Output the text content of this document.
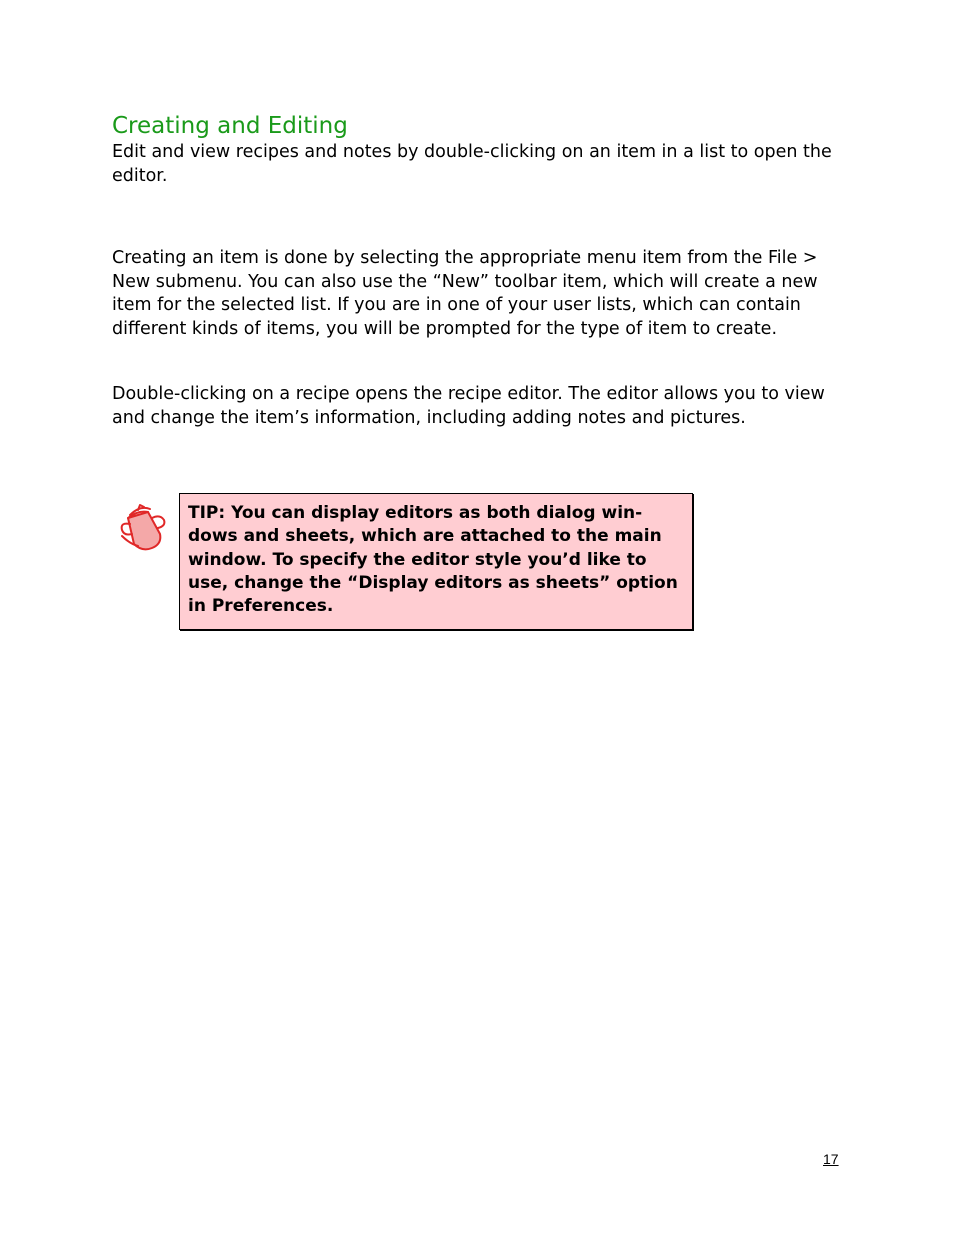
Creating and Editing

Edit and view recipes and notes by double-clicking on an item in a list to open the editor.

Creating an item is done by selecting the appropriate menu item from the File > New submenu. You can also use the “New” toolbar item, which will create a new item for the selected list. If you are in one of your user lists, which can contain different kinds of items, you will be prompted for the type of item to create.

Double-clicking on a recipe opens the recipe editor. The editor allows you to view and change the item’s information, including adding notes and pictures.

TIP: You can display editors as both dialog win-dows and sheets, which are attached to the main window. To specify the editor style you’d like to use, change the “Display editors as sheets” option in Preferences.

17
